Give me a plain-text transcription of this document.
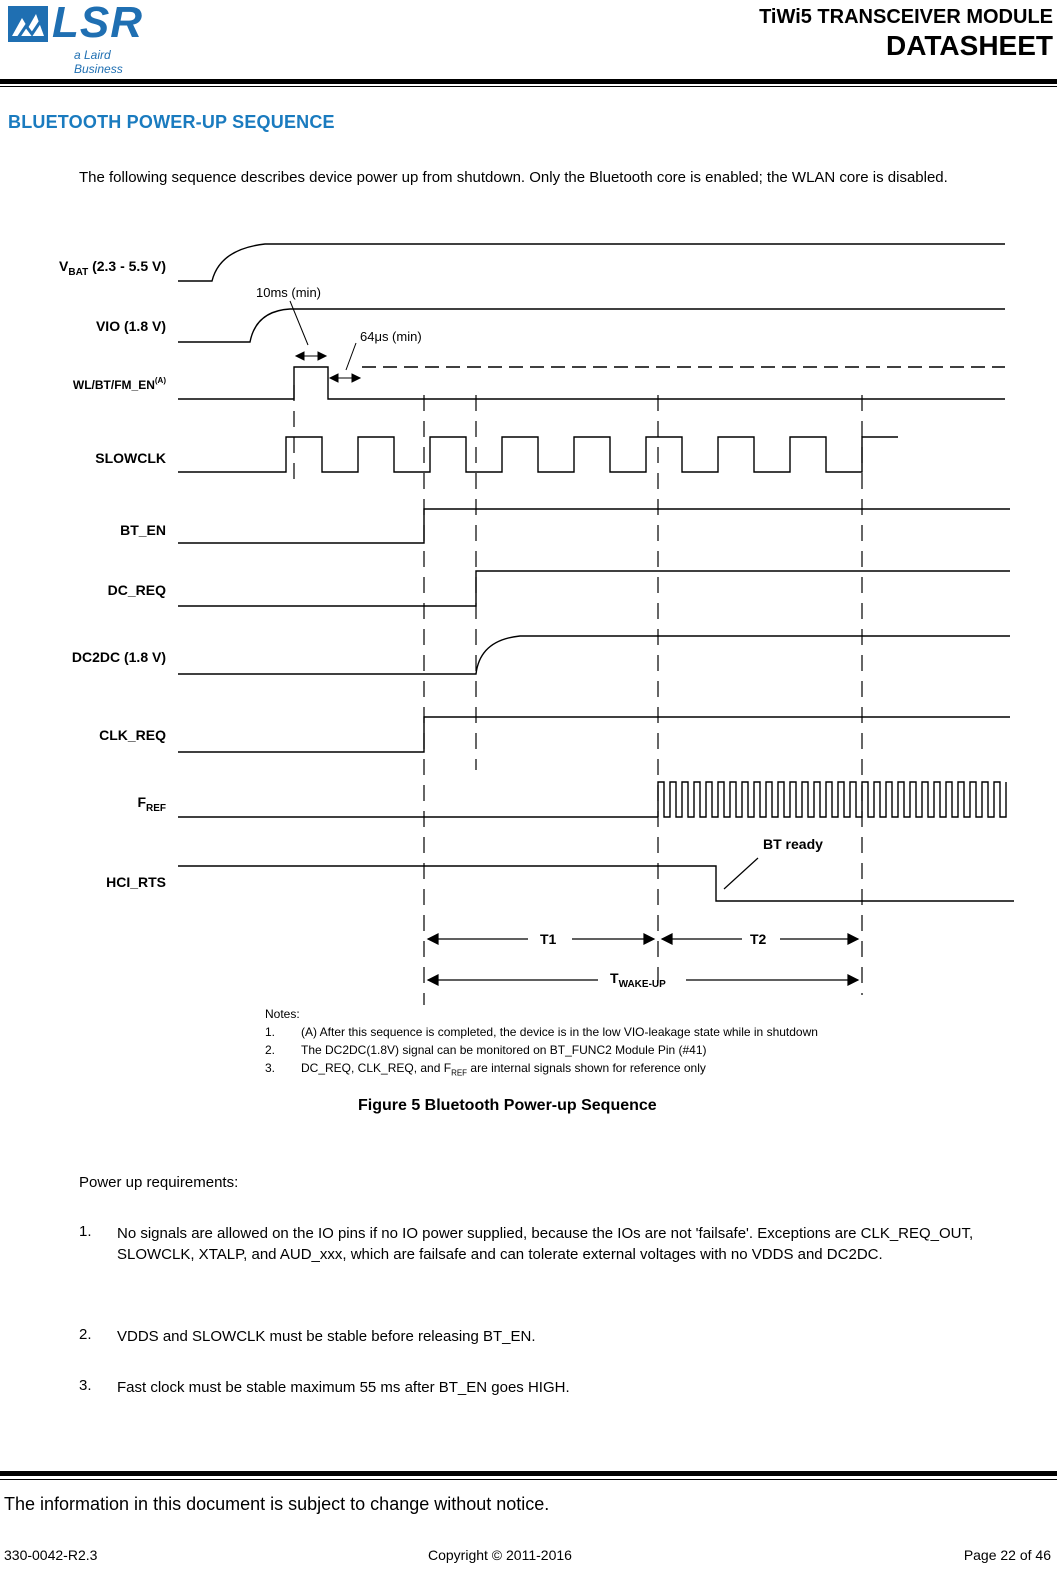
LSR
a Laird Business
TiWi5 TRANSCEIVER MODULE
DATASHEET
BLUETOOTH POWER-UP SEQUENCE
The following sequence describes device power up from shutdown. Only the Bluetooth core is enabled; the WLAN core is disabled.
$V_{BAT}$ (2.3 - 5.5 V)
VIO (1.8 V)
$WL/BT/FM\_EN^{(A)}$
SLOWCLK
BT_EN
DC_REQ
DC2DC (1.8 V)
CLK_REQ
$F_{REF}$
HCI_RTS
10ms (min)
64μs (min)
BT ready
T1	T2
$T_{WAKE-UP}$
Notes:
1.	(A) After this sequence is completed, the device is in the low VIO-leakage state while in shutdown
2.	The DC2DC(1.8V) signal can be monitored on BT_FUNC2 Module Pin (#41)
3.	DC_REQ, CLK_REQ, and $F_{REF}$ are internal signals shown for reference only
Figure 5 Bluetooth Power-up Sequence
Power up requirements:
1. No signals are allowed on the IO pins if no IO power supplied, because the IOs are not 'failsafe'. Exceptions are CLK_REQ_OUT, SLOWCLK, XTALP, and AUD_xxx, which are failsafe and can tolerate external voltages with no VDDS and DC2DC.
2. VDDS and SLOWCLK must be stable before releasing BT_EN.
3. Fast clock must be stable maximum 55 ms after BT_EN goes HIGH.
The information in this document is subject to change without notice.
330-0042-R2.3	Copyright © 2011-2016	Page 22 of 46
